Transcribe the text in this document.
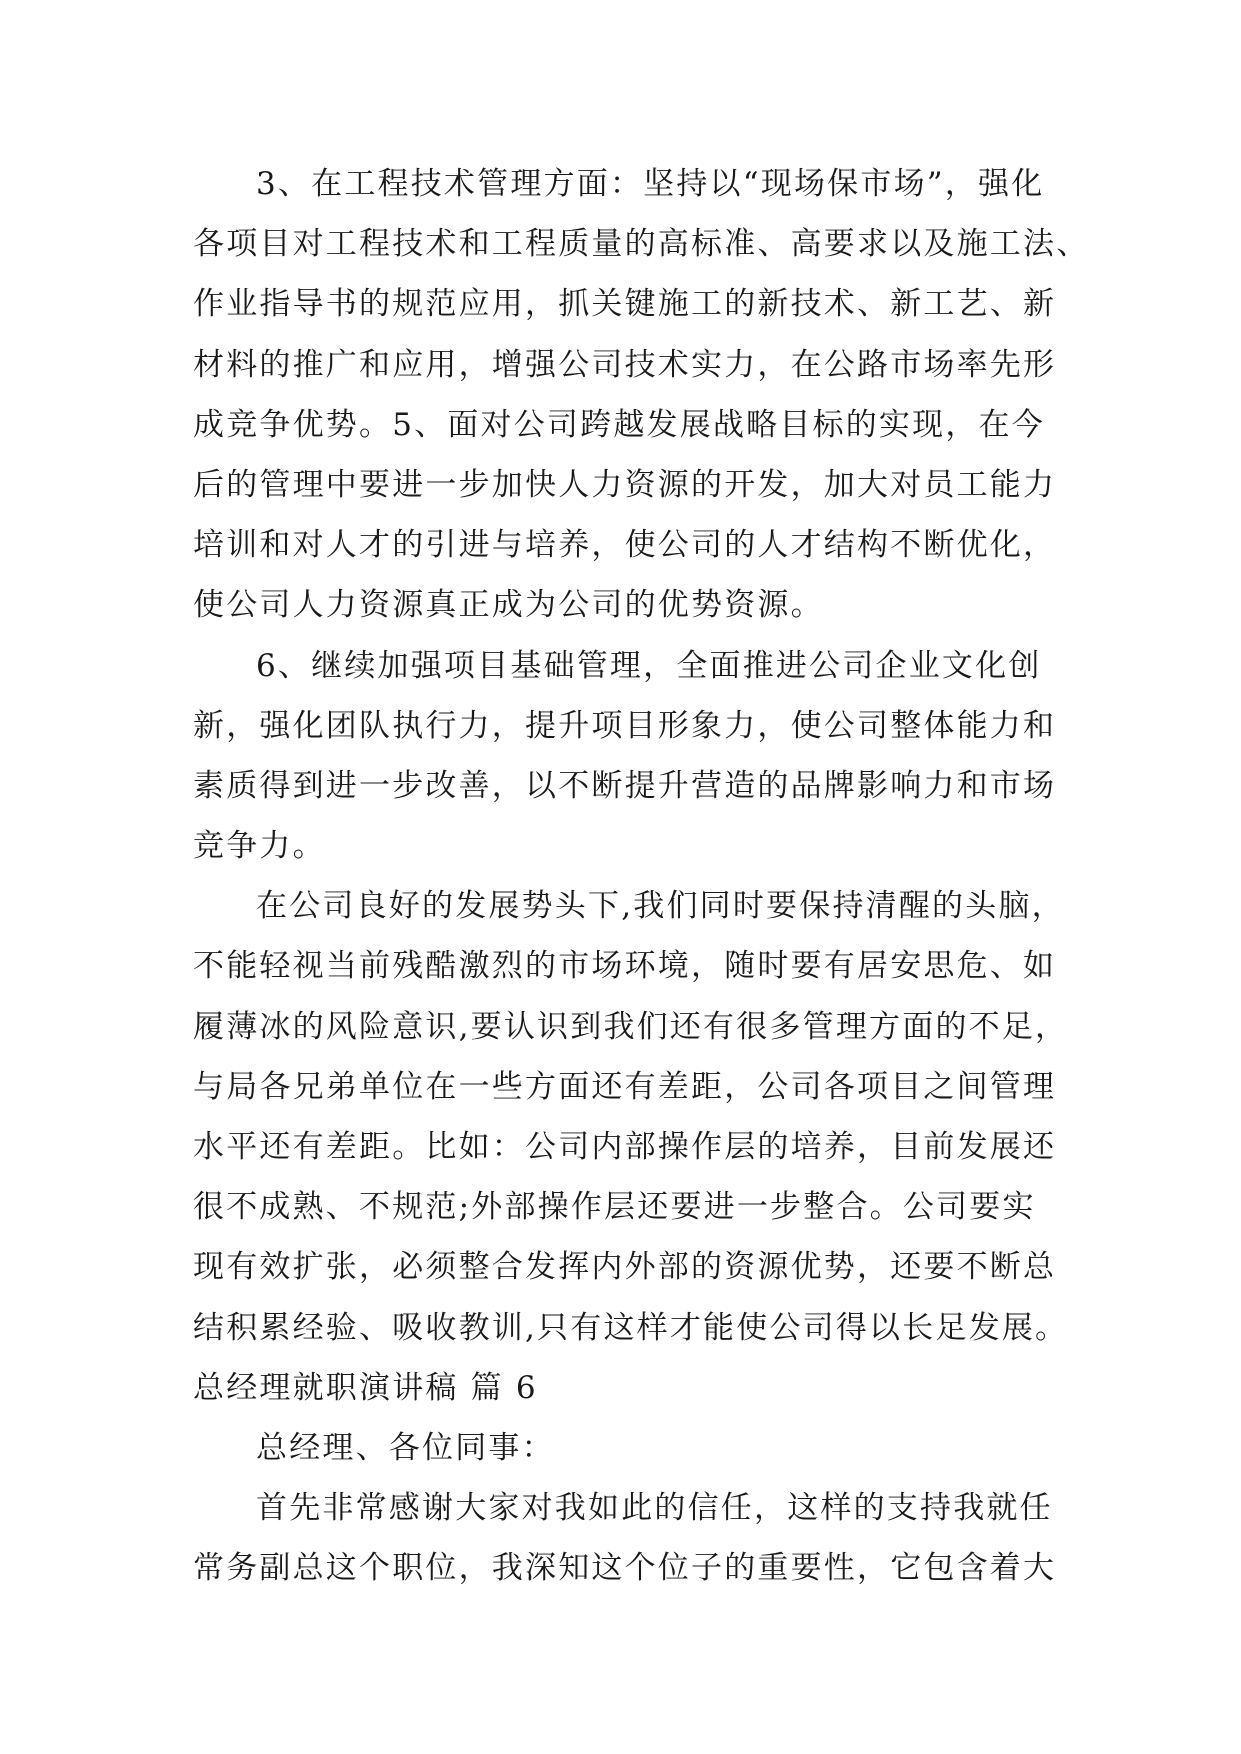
3、在工程技术管理方面：坚持以“现场保市场”，强化
各项目对工程技术和工程质量的高标准、高要求以及施工法、
作业指导书的规范应用，抓关键施工的新技术、新工艺、新
材料的推广和应用，增强公司技术实力，在公路市场率先形
成竞争优势。5、面对公司跨越发展战略目标的实现，在今
后的管理中要进一步加快人力资源的开发，加大对员工能力
培训和对人才的引进与培养，使公司的人才结构不断优化，
使公司人力资源真正成为公司的优势资源。
6、继续加强项目基础管理，全面推进公司企业文化创
新，强化团队执行力，提升项目形象力，使公司整体能力和
素质得到进一步改善，以不断提升营造的品牌影响力和市场
竞争力。
在公司良好的发展势头下,我们同时要保持清醒的头脑，
不能轻视当前残酷激烈的市场环境，随时要有居安思危、如
履薄冰的风险意识,要认识到我们还有很多管理方面的不足，
与局各兄弟单位在一些方面还有差距，公司各项目之间管理
水平还有差距。比如：公司内部操作层的培养，目前发展还
很不成熟、不规范;外部操作层还要进一步整合。公司要实
现有效扩张，必须整合发挥内外部的资源优势，还要不断总
结积累经验、吸收教训,只有这样才能使公司得以长足发展。
总经理就职演讲稿 篇 6
总经理、各位同事：
首先非常感谢大家对我如此的信任，这样的支持我就任
常务副总这个职位，我深知这个位子的重要性，它包含着大
